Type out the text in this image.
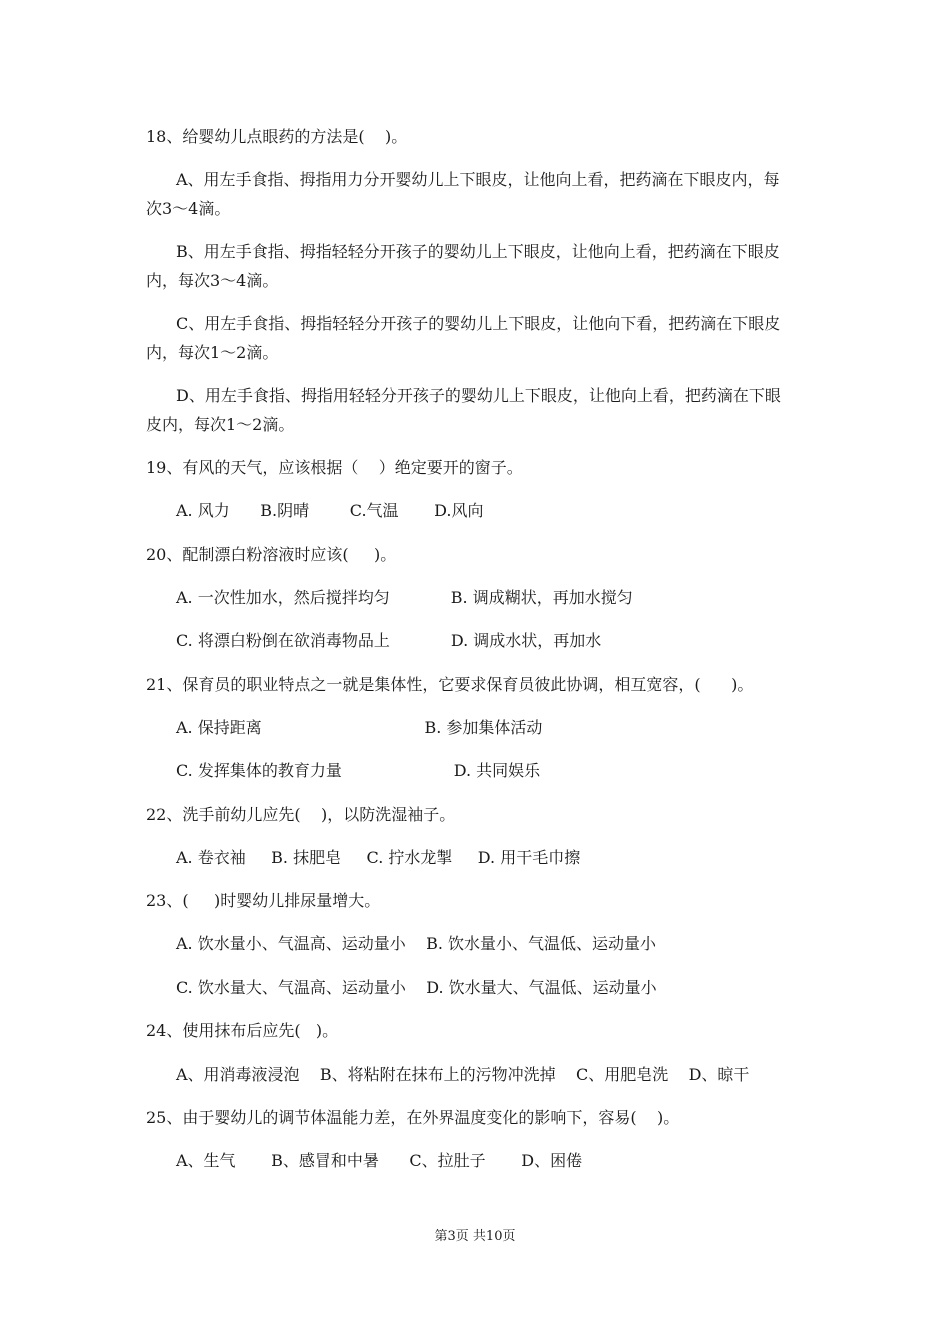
18、给婴幼儿点眼药的方法是(    )。
A、用左手食指、拇指用力分开婴幼儿上下眼皮，让他向上看，把药滴在下眼皮内，每
次3～4滴。
B、用左手食指、拇指轻轻分开孩子的婴幼儿上下眼皮，让他向上看，把药滴在下眼皮
内，每次3～4滴。
C、用左手食指、拇指轻轻分开孩子的婴幼儿上下眼皮，让他向下看，把药滴在下眼皮
内，每次1～2滴。
D、用左手食指、拇指用轻轻分开孩子的婴幼儿上下眼皮，让他向上看，把药滴在下眼
皮内，每次1～2滴。
19、有风的天气，应该根据（    ）绝定要开的窗子。
A. 风力      B.阴晴        C.气温       D.风向
20、配制漂白粉溶液时应该(     )。
A. 一次性加水，然后搅拌均匀            B. 调成糊状，再加水搅匀
C. 将漂白粉倒在欲消毒物品上            D. 调成水状，再加水
21、保育员的职业特点之一就是集体性，它要求保育员彼此协调，相互宽容，(      )。
A. 保持距离                                B. 参加集体活动
C. 发挥集体的教育力量                      D. 共同娱乐
22、洗手前幼儿应先(    )，以防洗湿袖子。
A. 卷衣袖     B. 抹肥皂     C. 拧水龙掣     D. 用干毛巾擦
23、(     )时婴幼儿排尿量增大。
A. 饮水量小、气温高、运动量小    B. 饮水量小、气温低、运动量小
C. 饮水量大、气温高、运动量小    D. 饮水量大、气温低、运动量小
24、使用抹布后应先(   )。
A、用消毒液浸泡    B、将粘附在抹布上的污物冲洗掉    C、用肥皂洗    D、晾干
25、由于婴幼儿的调节体温能力差，在外界温度变化的影响下，容易(    )。
A、生气       B、感冒和中暑      C、拉肚子       D、困倦
第3页 共10页
